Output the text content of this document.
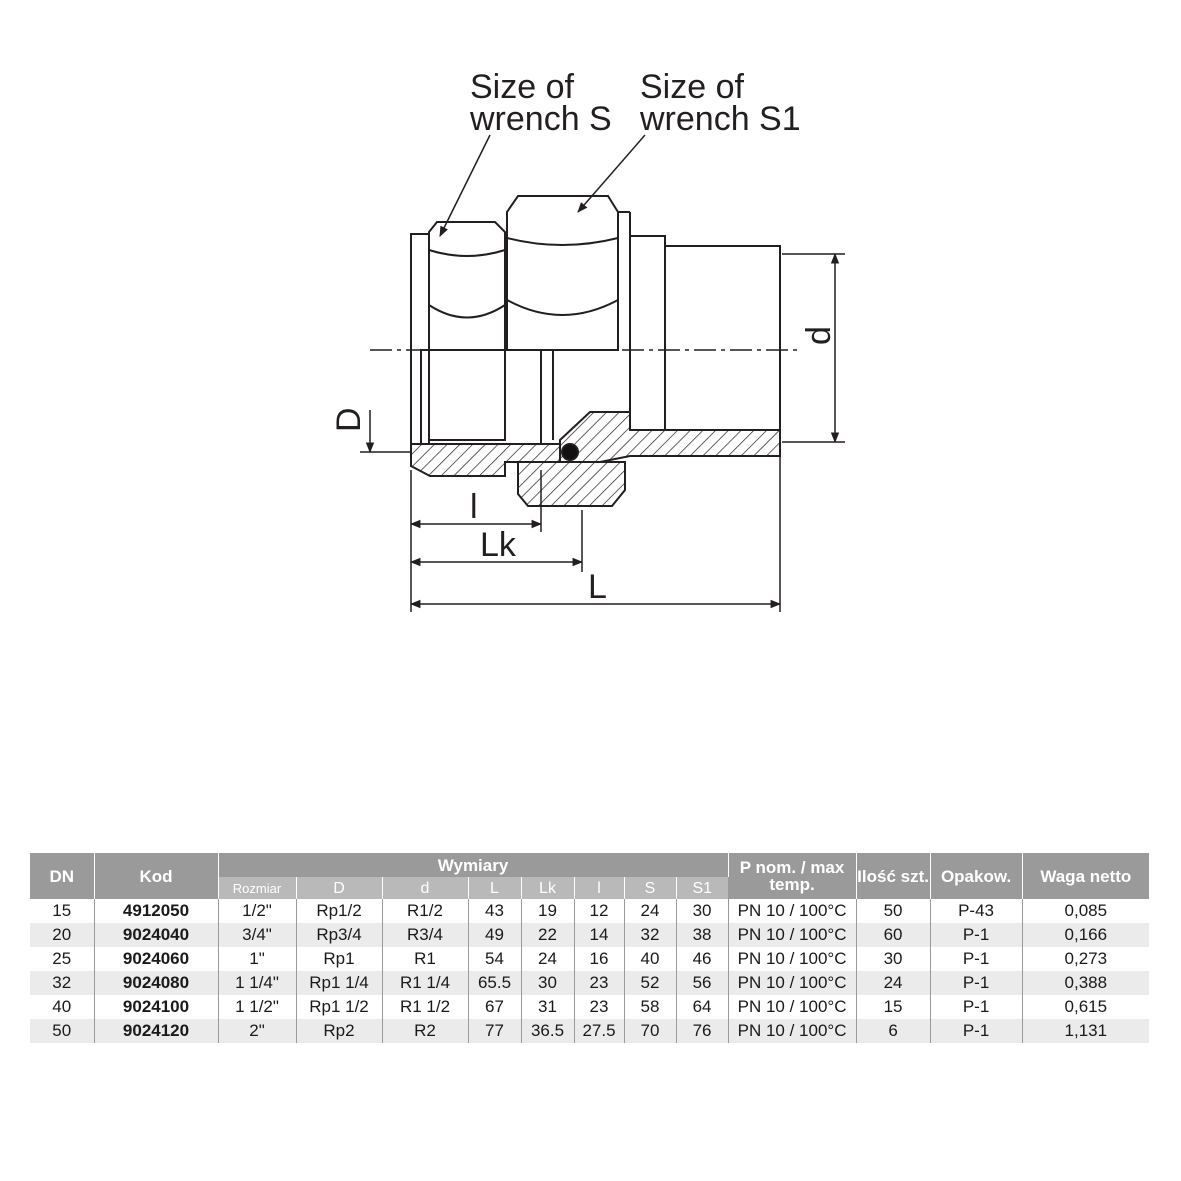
Size of
wrench S
Size of
wrench S1
d
D
l
Lk
L
DN	Kod	Wymiary								P nom. / max temp.	Ilość szt.	Opakow.	Waga netto
		Rozmiar	D	d	L	Lk	l	S	S1				
15	4912050	1/2"	Rp1/2	R1/2	43	19	12	24	30	PN 10 / 100°C	50	P-43	0,085
20	9024040	3/4"	Rp3/4	R3/4	49	22	14	32	38	PN 10 / 100°C	60	P-1	0,166
25	9024060	1"	Rp1	R1	54	24	16	40	46	PN 10 / 100°C	30	P-1	0,273
32	9024080	1 1/4"	Rp1 1/4	R1 1/4	65.5	30	23	52	56	PN 10 / 100°C	24	P-1	0,388
40	9024100	1 1/2"	Rp1 1/2	R1 1/2	67	31	23	58	64	PN 10 / 100°C	15	P-1	0,615
50	9024120	2"	Rp2	R2	77	36.5	27.5	70	76	PN 10 / 100°C	6	P-1	1,131
